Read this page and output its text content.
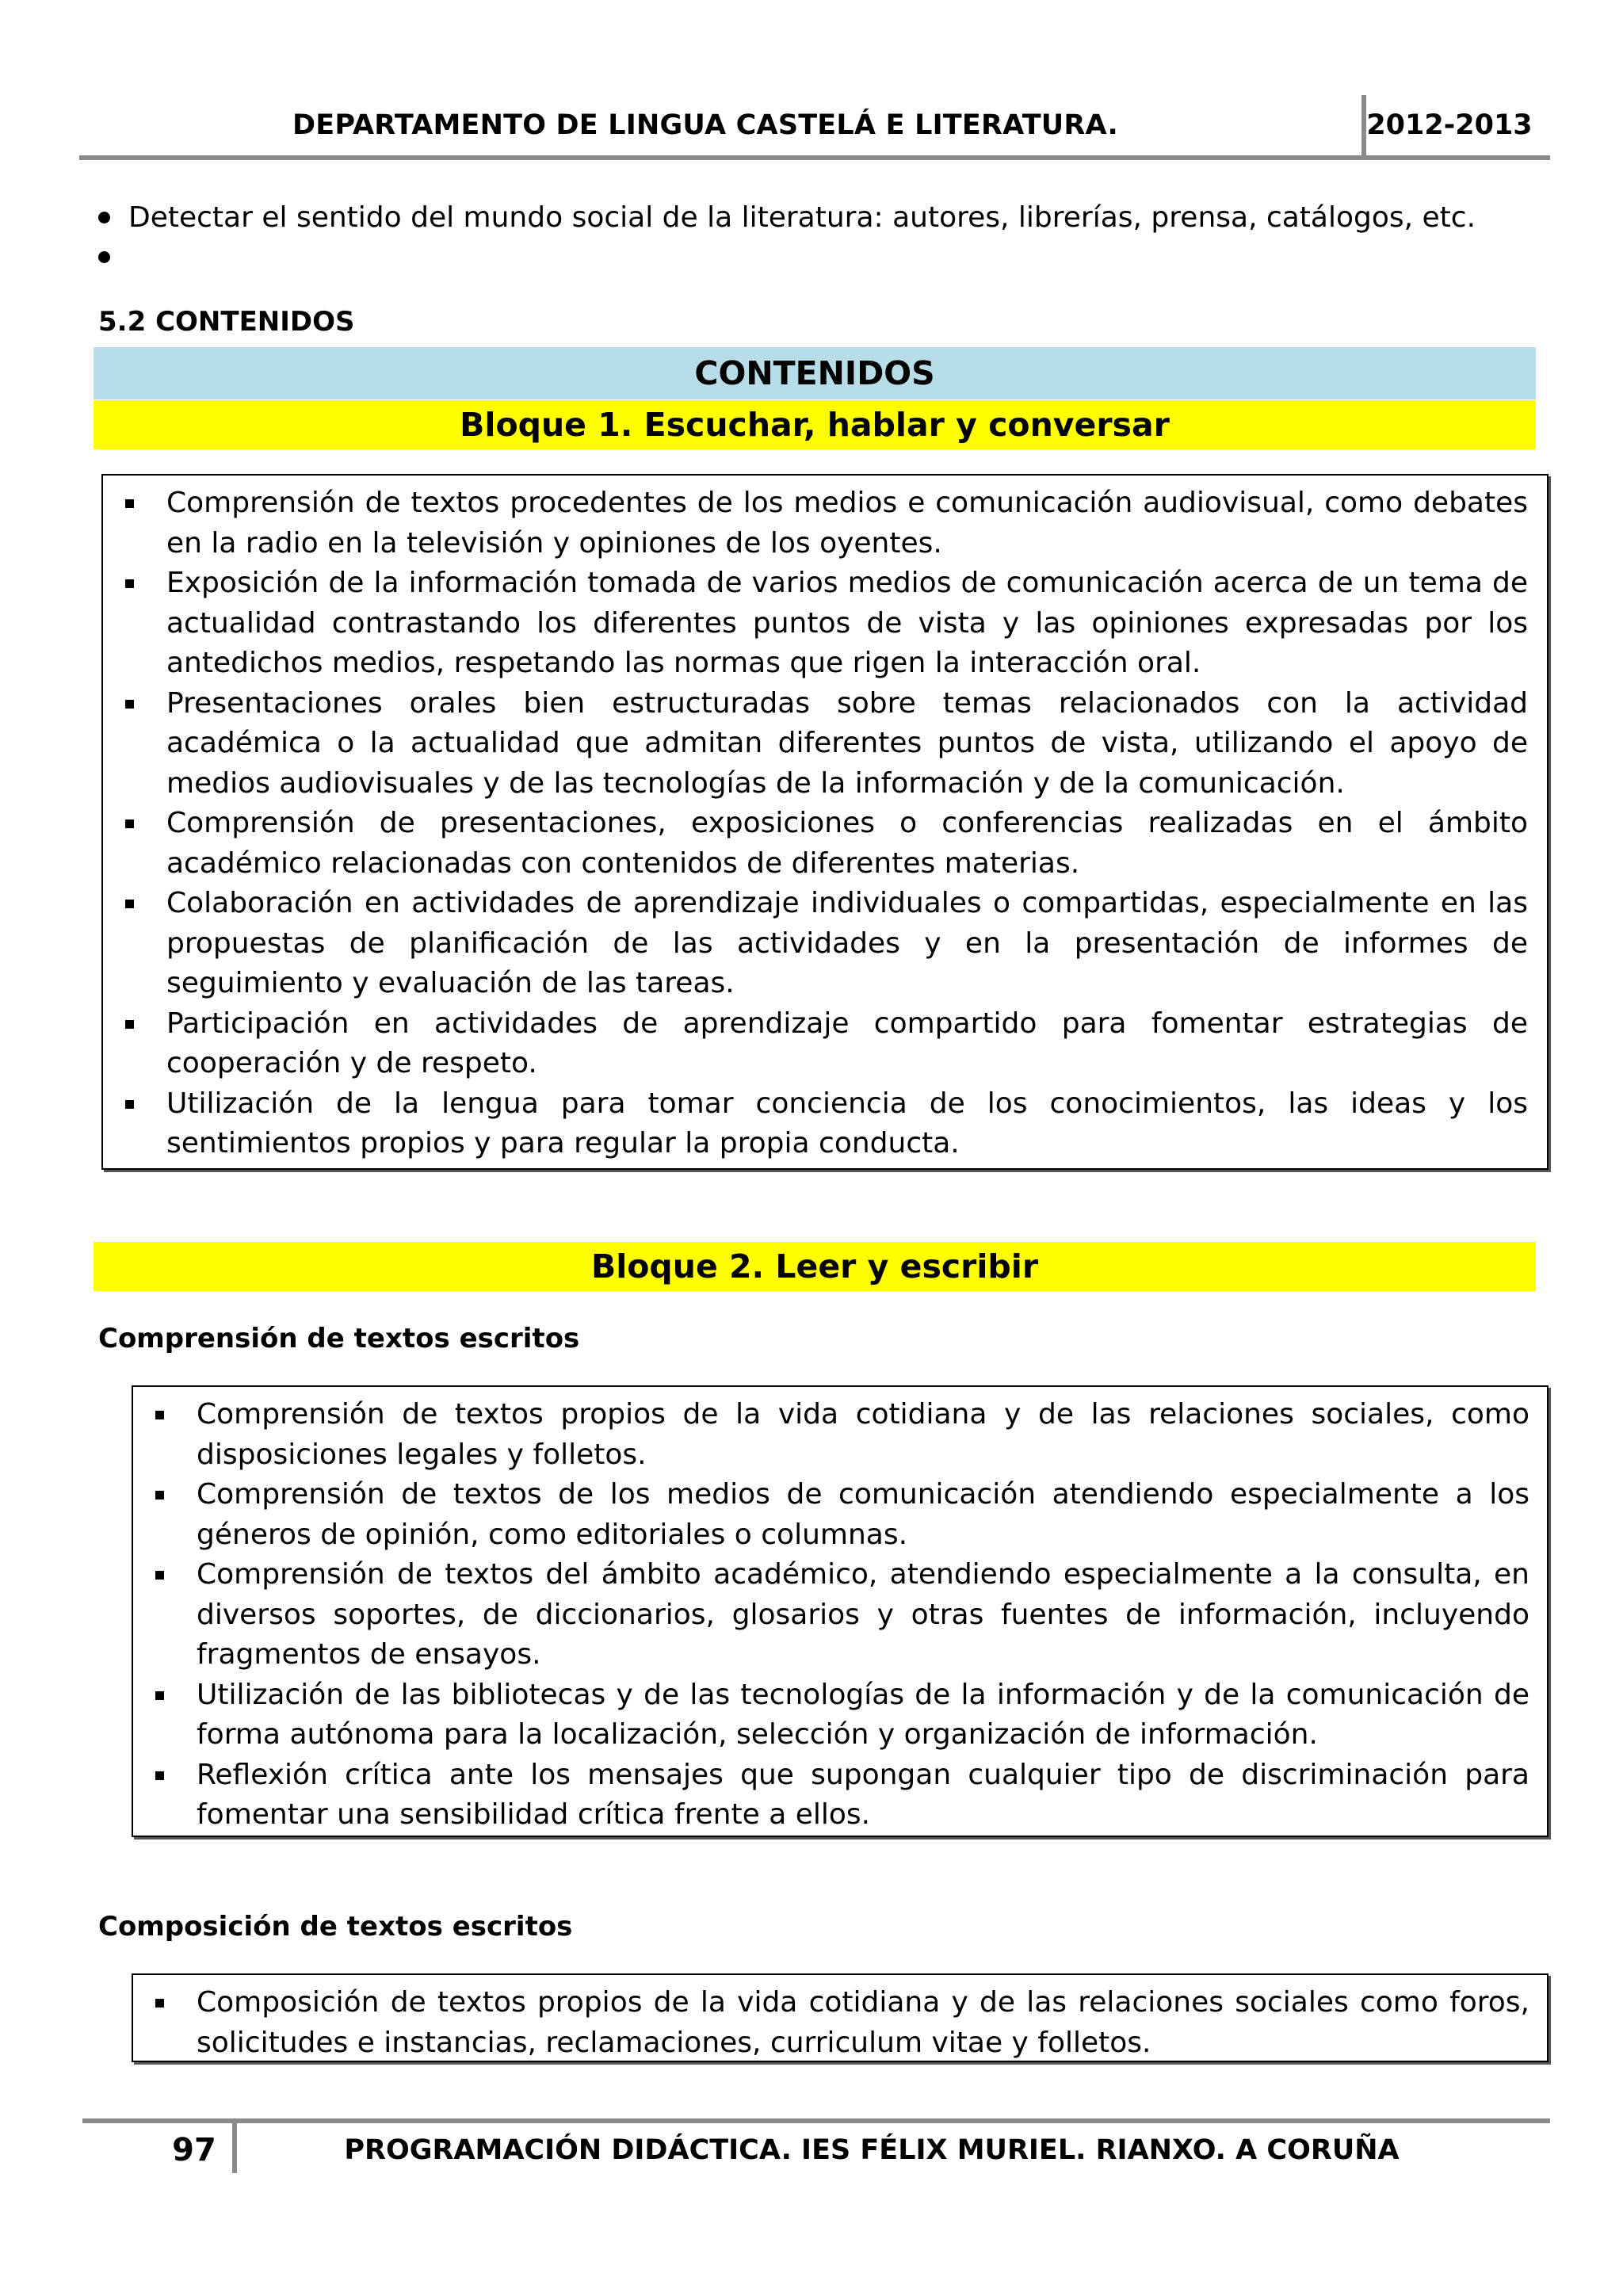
DEPARTAMENTO DE LINGUA CASTELÁ E LITERATURA.	2012-2013
Detectar el sentido del mundo social de la literatura: autores, librerías, prensa, catálogos, etc.
5.2 CONTENIDOS
CONTENIDOS
Bloque 1. Escuchar, hablar y conversar
Comprensión de textos procedentes de los medios e comunicación audiovisual, como debates en la radio en la televisión y opiniones de los oyentes.
Exposición de la información tomada de varios medios de comunicación acerca de un tema de actualidad contrastando los diferentes puntos de vista y las opiniones expresadas por los antedichos medios, respetando las normas que rigen la interacción oral.
Presentaciones orales bien estructuradas sobre temas relacionados con la actividad académica o la actualidad que admitan diferentes puntos de vista, utilizando el apoyo de medios audiovisuales y de las tecnologías de la información y de la comunicación.
Comprensión de presentaciones, exposiciones o conferencias realizadas en el ámbito académico relacionadas con contenidos de diferentes materias.
Colaboración en actividades de aprendizaje individuales o compartidas, especialmente en las propuestas de planificación de las actividades y en la presentación de informes de seguimiento y evaluación de las tareas.
Participación en actividades de aprendizaje compartido para fomentar estrategias de cooperación y de respeto.
Utilización de la lengua para tomar conciencia de los conocimientos, las ideas y los sentimientos propios y para regular la propia conducta.
Bloque 2. Leer y escribir
Comprensión de textos escritos
Comprensión de textos propios de la vida cotidiana y de las relaciones sociales, como disposiciones legales y folletos.
Comprensión de textos de los medios de comunicación atendiendo especialmente a los géneros de opinión, como editoriales o columnas.
Comprensión de textos del ámbito académico, atendiendo especialmente a la consulta, en diversos soportes, de diccionarios, glosarios y otras fuentes de información, incluyendo fragmentos de ensayos.
Utilización de las bibliotecas y de las tecnologías de la información y de la comunicación de forma autónoma para la localización, selección y organización de información.
Reflexión crítica ante los mensajes que supongan cualquier tipo de discriminación para fomentar una sensibilidad crítica frente a ellos.
Composición de textos escritos
Composición de textos propios de la vida cotidiana y de las relaciones sociales como foros, solicitudes e instancias, reclamaciones, curriculum vitae y folletos.
97	PROGRAMACIÓN DIDÁCTICA. IES FÉLIX MURIEL. RIANXO. A CORUÑA
